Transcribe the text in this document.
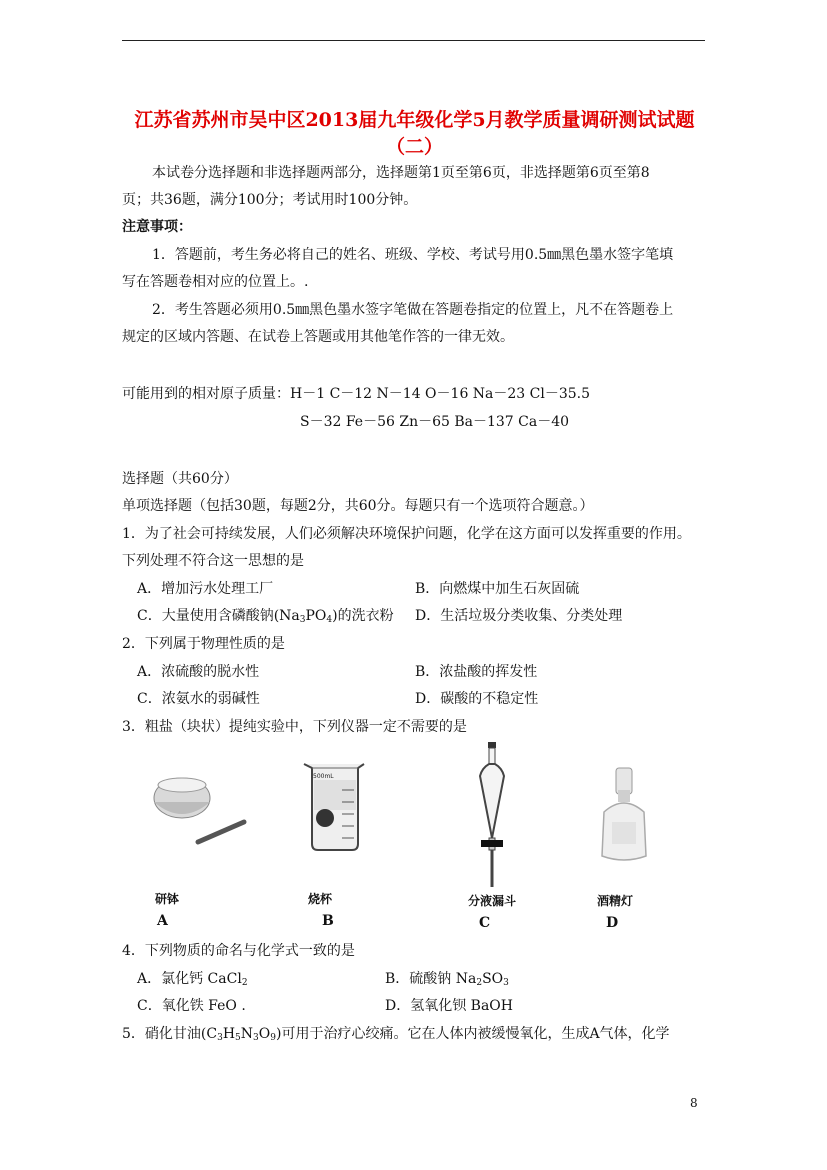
江苏省苏州市吴中区2013届九年级化学5月教学质量调研测试试题
（二）
本试卷分选择题和非选择题两部分，选择题第1页至第6页，非选择题第6页至第8
页；共36题，满分100分；考试用时100分钟。
注意事项：
1．答题前，考生务必将自己的姓名、班级、学校、考试号用0.5㎜黑色墨水签字笔填
写在答题卷相对应的位置上。.
2．考生答题必须用0.5㎜黑色墨水签字笔做在答题卷指定的位置上，凡不在答题卷上
规定的区域内答题、在试卷上答题或用其他笔作答的一律无效。
可能用到的相对原子质量：H－1 C－12 N－14 O－16 Na－23 Cl－35.5
S－32 Fe－56 Zn－65 Ba－137 Ca－40
选择题（共60分）
单项选择题（包括30题，每题2分，共60分。每题只有一个选项符合题意。）
1．为了社会可持续发展，人们必须解决环境保护问题，化学在这方面可以发挥重要的作用。
下列处理不符合这一思想的是
A．增加污水处理工厂	B．向燃煤中加生石灰固硫
C．大量使用含磷酸钠$(Na_3PO_4)$的洗衣粉 D．生活垃圾分类收集、分类处理
2．下列属于物理性质的是
A．浓硫酸的脱水性	B．浓盐酸的挥发性
C．浓氨水的弱碱性	D．碳酸的不稳定性
3．粗盐（块状）提纯实验中，下列仪器一定不需要的是
研钵
A
500mL
烧杯
B
分液漏斗
C
酒精灯
D
4．下列物质的命名与化学式一致的是
A．氯化钙 CaCl$_2$	B．硫酸钠 $Na_2SO_3$
C．氧化铁 FeO .	D．氢氧化钡 BaOH
5．硝化甘油$(C_3H_5N_3O_9)$可用于治疗心绞痛。它在人体内被缓慢氧化，生成A气体，化学
8
